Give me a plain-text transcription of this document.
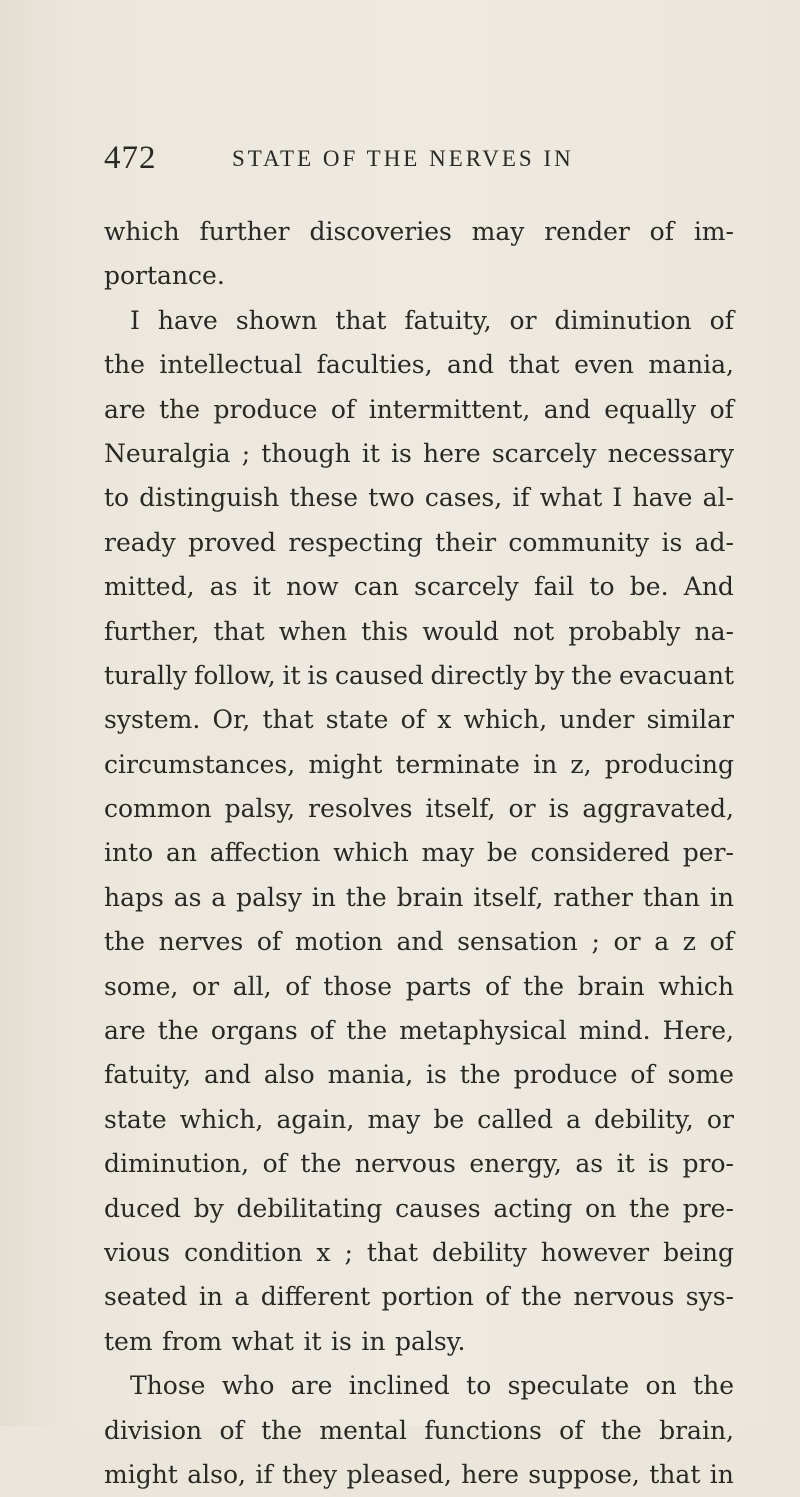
472	STATE OF THE NERVES IN
which further discoveries may render of im-
portance.
I have shown that fatuity, or diminution of
the intellectual faculties, and that even mania,
are the produce of intermittent, and equally of
Neuralgia ; though it is here scarcely necessary
to distinguish these two cases, if what I have al-
ready proved respecting their community is ad-
mitted, as it now can scarcely fail to be. And
further, that when this would not probably na-
turally follow, it is caused directly by the evacuant
system. Or, that state of x which, under similar
circumstances, might terminate in z, producing
common palsy, resolves itself, or is aggravated,
into an affection which may be considered per-
haps as a palsy in the brain itself, rather than in
the nerves of motion and sensation ; or a z of
some, or all, of those parts of the brain which
are the organs of the metaphysical mind. Here,
fatuity, and also mania, is the produce of some
state which, again, may be called a debility, or
diminution, of the nervous energy, as it is pro-
duced by debilitating causes acting on the pre-
vious condition x ; that debility however being
seated in a different portion of the nervous sys-
tem from what it is in palsy.
Those who are inclined to speculate on the
division of the mental functions of the brain,
might also, if they pleased, here suppose, that in
